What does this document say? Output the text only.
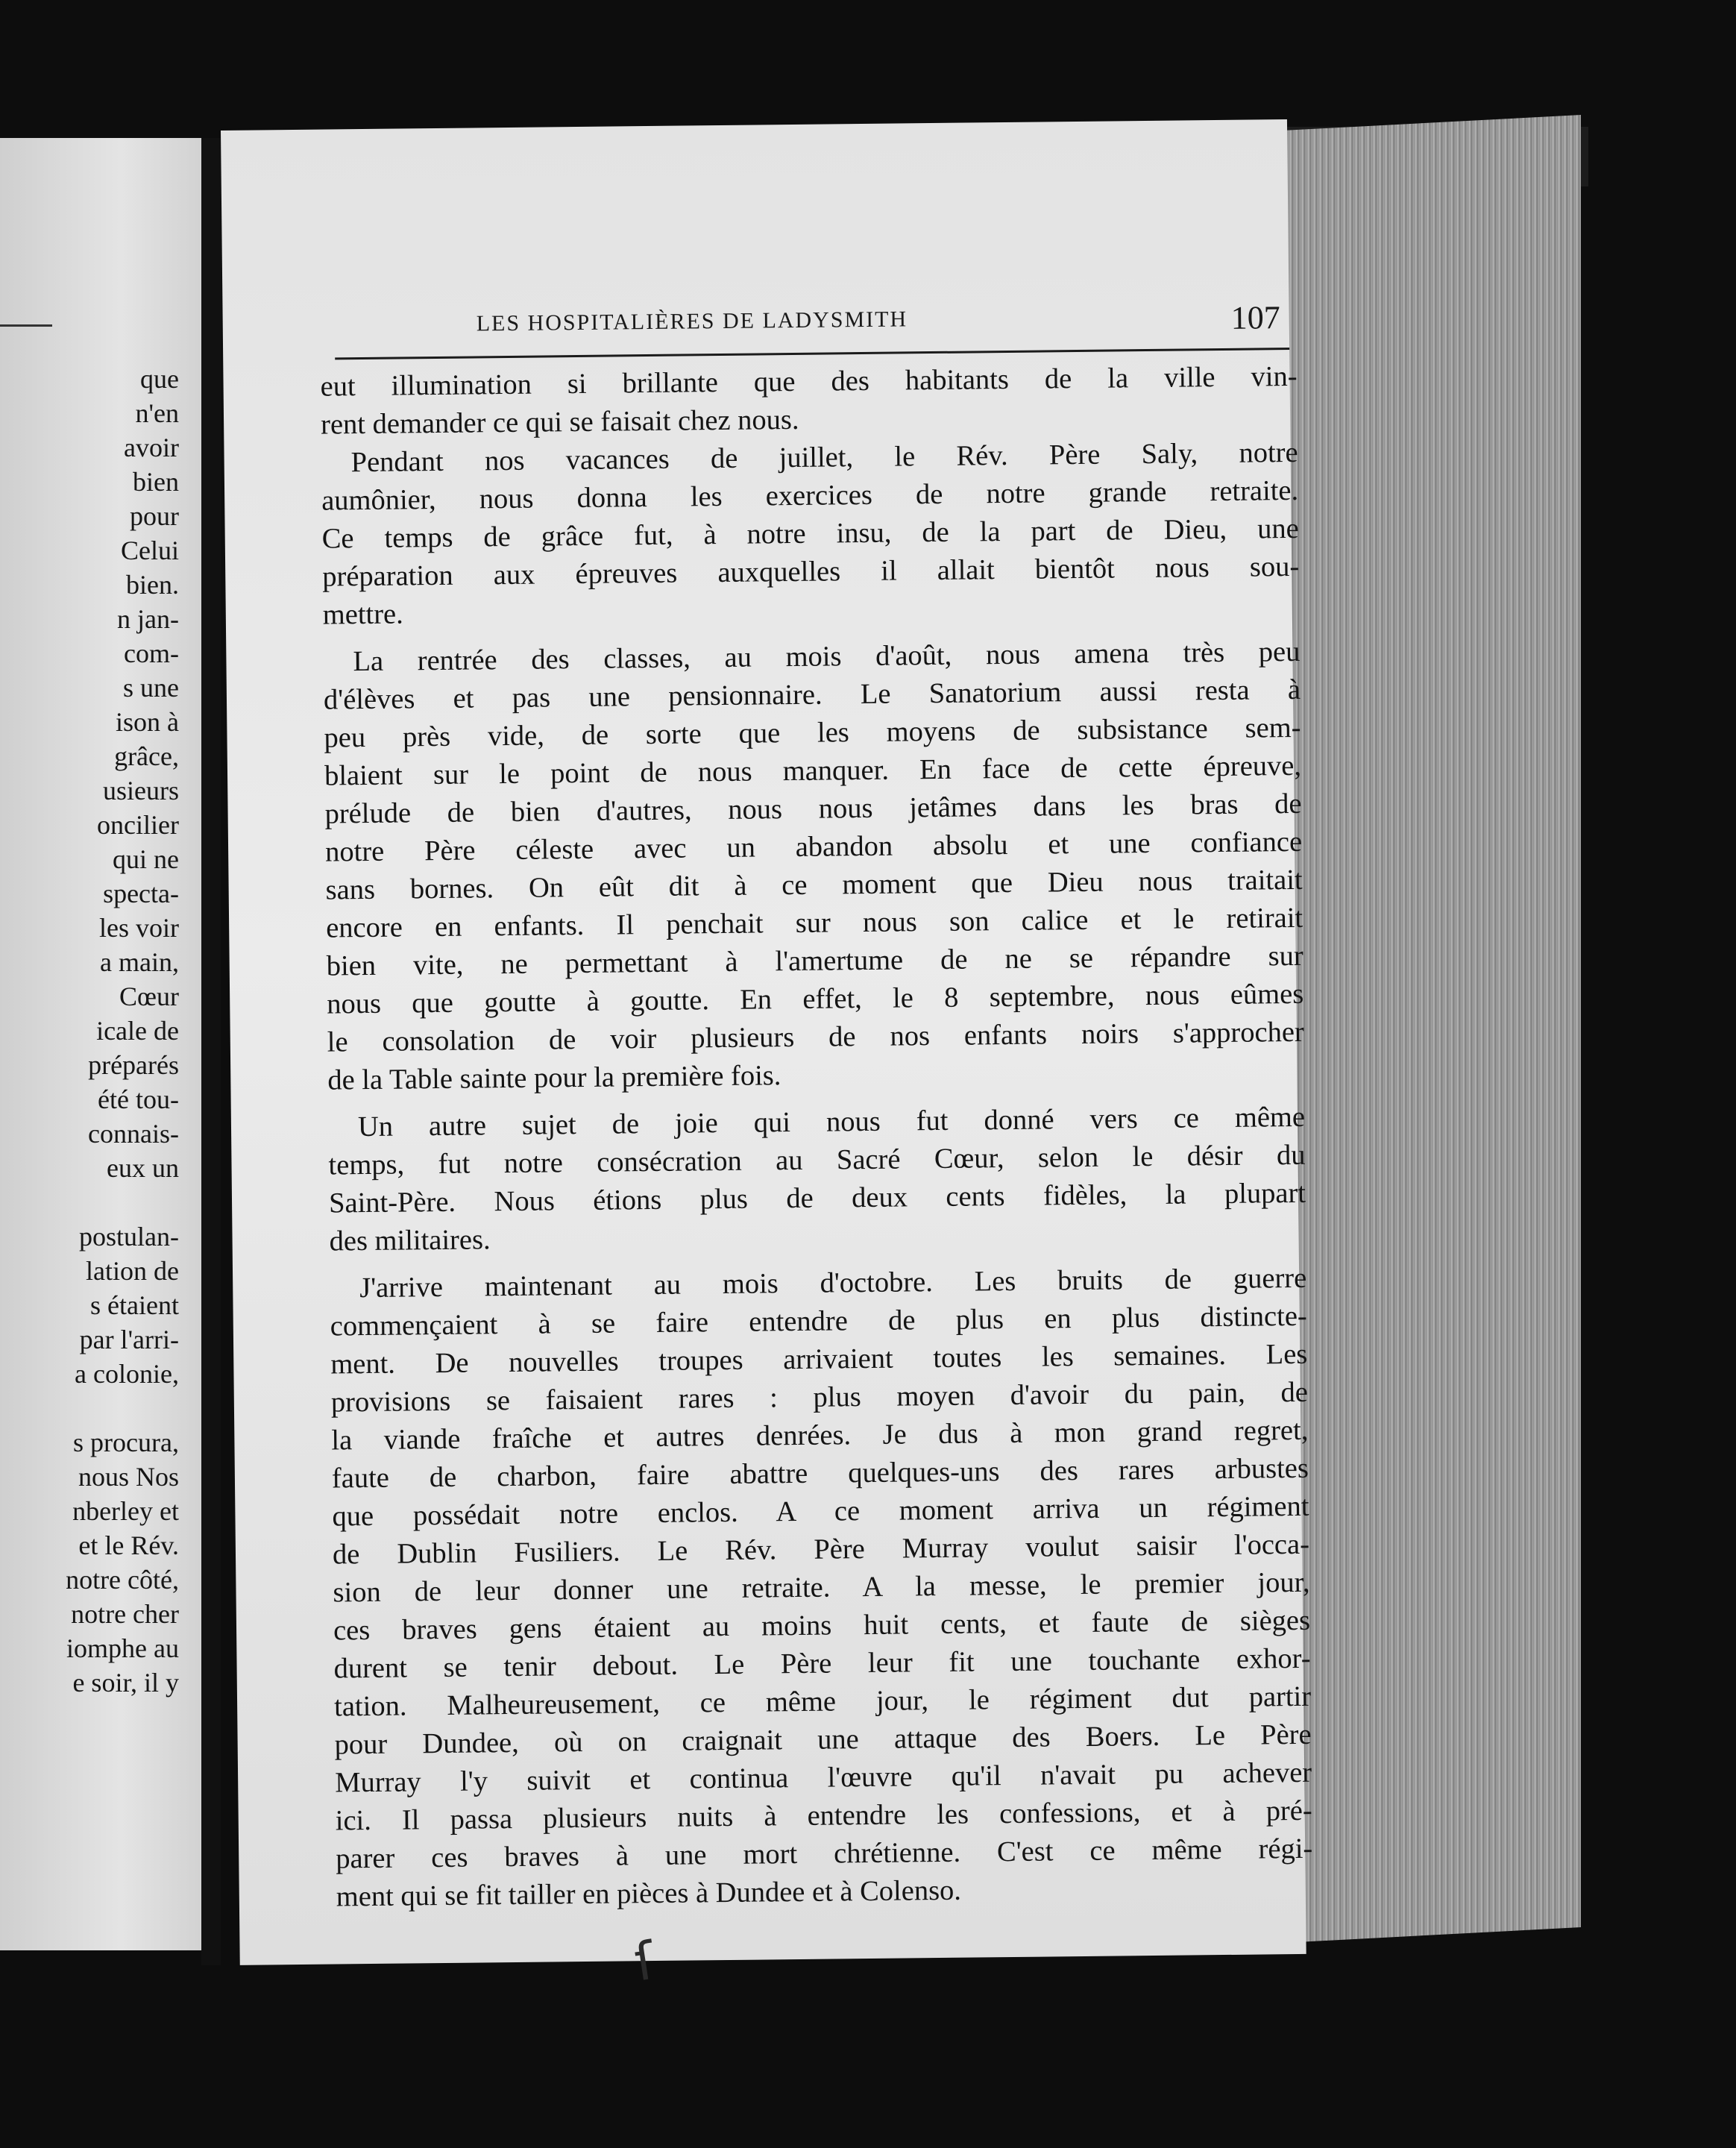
que
n'en
avoir
bien
pour
Celui
bien.
n jan-
com-
s une
ison à
grâce,
usieurs
oncilier
qui ne
specta-
les voir
a main,
Cœur
icale de
préparés
été tou-
connais-
eux un

postulan-
lation de
s étaient
par l'arri-
a colonie,

s procura,
nous Nos
nberley et
et le Rév.
notre côté,
notre cher
iomphe au
e soir, il y
LES HOSPITALIÈRES DE LADYSMITH	107
eut illumination si brillante que des habitants de la ville vin-
rent demander ce qui se faisait chez nous.
Pendant nos vacances de juillet, le Rév. Père Saly, notre
aumônier, nous donna les exercices de notre grande retraite.
Ce temps de grâce fut, à notre insu, de la part de Dieu, une
préparation aux épreuves auxquelles il allait bientôt nous sou-
mettre.
La rentrée des classes, au mois d'août, nous amena très peu
d'élèves et pas une pensionnaire. Le Sanatorium aussi resta à
peu près vide, de sorte que les moyens de subsistance sem-
blaient sur le point de nous manquer. En face de cette épreuve,
prélude de bien d'autres, nous nous jetâmes dans les bras de
notre Père céleste avec un abandon absolu et une confiance
sans bornes. On eût dit à ce moment que Dieu nous traitait
encore en enfants. Il penchait sur nous son calice et le retirait
bien vite, ne permettant à l'amertume de ne se répandre sur
nous que goutte à goutte. En effet, le 8 septembre, nous eûmes
le consolation de voir plusieurs de nos enfants noirs s'approcher
de la Table sainte pour la première fois.
Un autre sujet de joie qui nous fut donné vers ce même
temps, fut notre consécration au Sacré Cœur, selon le désir du
Saint-Père. Nous étions plus de deux cents fidèles, la plupart
des militaires.
J'arrive maintenant au mois d'octobre. Les bruits de guerre
commençaient à se faire entendre de plus en plus distincte-
ment. De nouvelles troupes arrivaient toutes les semaines. Les
provisions se faisaient rares : plus moyen d'avoir du pain, de
la viande fraîche et autres denrées. Je dus à mon grand regret,
faute de charbon, faire abattre quelques-uns des rares arbustes
que possédait notre enclos. A ce moment arriva un régiment
de Dublin Fusiliers. Le Rév. Père Murray voulut saisir l'occa-
sion de leur donner une retraite. A la messe, le premier jour,
ces braves gens étaient au moins huit cents, et faute de sièges
durent se tenir debout. Le Père leur fit une touchante exhor-
tation. Malheureusement, ce même jour, le régiment dut partir
pour Dundee, où on craignait une attaque des Boers. Le Père
Murray l'y suivit et continua l'œuvre qu'il n'avait pu achever
ici. Il passa plusieurs nuits à entendre les confessions, et à pré-
parer ces braves à une mort chrétienne. C'est ce même régi-
ment qui se fit tailler en pièces à Dundee et à Colenso.
ſ
